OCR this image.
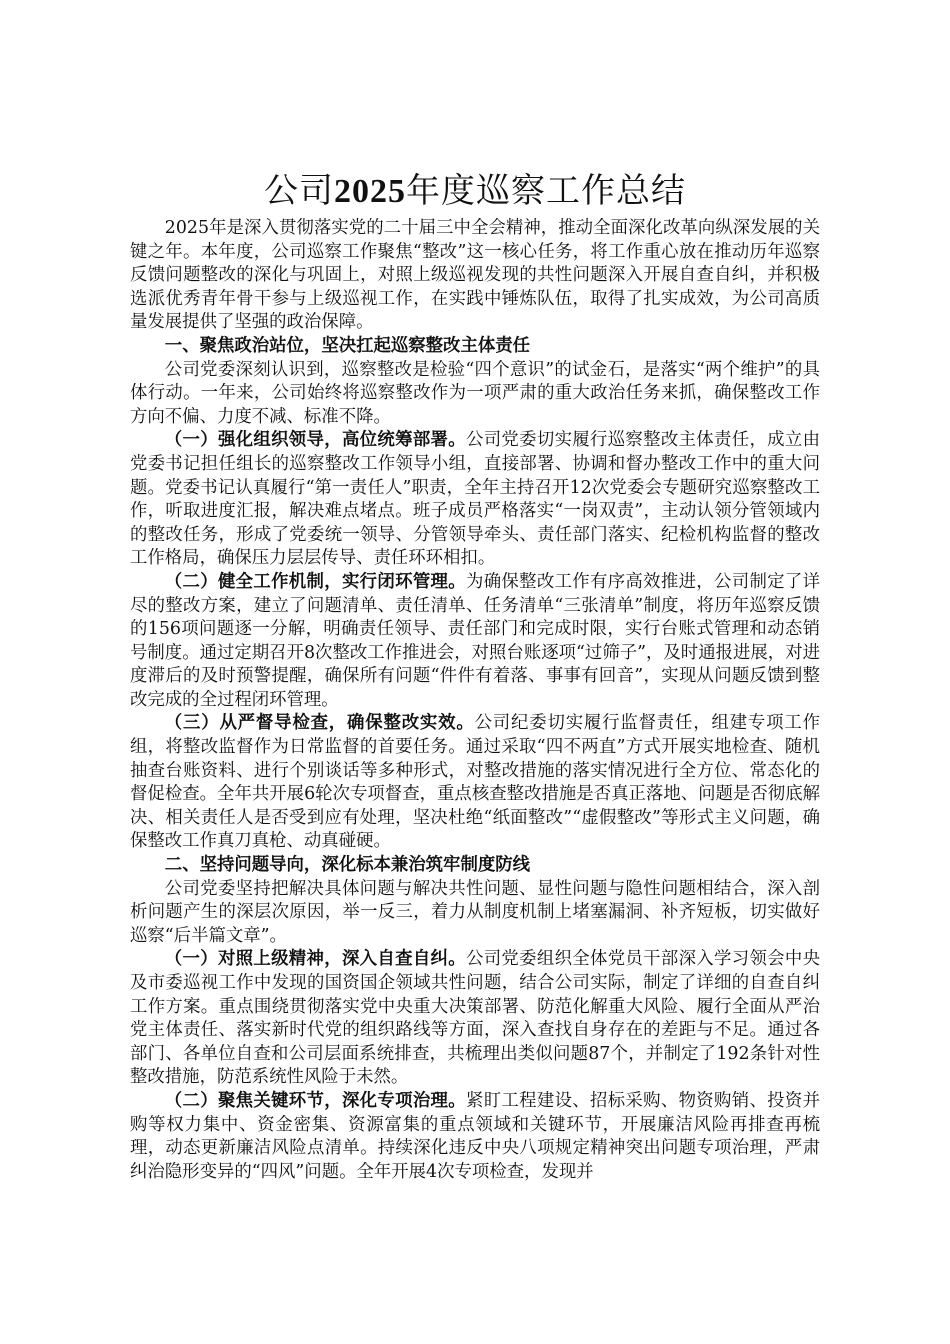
公司2025年度巡察工作总结

2025年是深入贯彻落实党的二十届三中全会精神，推动全面深化改革向纵深发展的关键之年。本年度，公司巡察工作聚焦“整改”这一核心任务，将工作重心放在推动历年巡察反馈问题整改的深化与巩固上，对照上级巡视发现的共性问题深入开展自查自纠，并积极选派优秀青年骨干参与上级巡视工作，在实践中锤炼队伍，取得了扎实成效，为公司高质量发展提供了坚强的政治保障。

一、聚焦政治站位，坚决扛起巡察整改主体责任

公司党委深刻认识到，巡察整改是检验“四个意识”的试金石，是落实“两个维护”的具体行动。一年来，公司始终将巡察整改作为一项严肃的重大政治任务来抓，确保整改工作方向不偏、力度不减、标准不降。

（一）强化组织领导，高位统筹部署。公司党委切实履行巡察整改主体责任，成立由党委书记担任组长的巡察整改工作领导小组，直接部署、协调和督办整改工作中的重大问题。党委书记认真履行“第一责任人”职责，全年主持召开12次党委会专题研究巡察整改工作，听取进度汇报，解决难点堵点。班子成员严格落实“一岗双责”，主动认领分管领域内的整改任务，形成了党委统一领导、分管领导牵头、责任部门落实、纪检机构监督的整改工作格局，确保压力层层传导、责任环环相扣。

（二）健全工作机制，实行闭环管理。为确保整改工作有序高效推进，公司制定了详尽的整改方案，建立了问题清单、责任清单、任务清单“三张清单”制度，将历年巡察反馈的156项问题逐一分解，明确责任领导、责任部门和完成时限，实行台账式管理和动态销号制度。通过定期召开8次整改工作推进会，对照台账逐项“过筛子”，及时通报进展，对进度滞后的及时预警提醒，确保所有问题“件件有着落、事事有回音”，实现从问题反馈到整改完成的全过程闭环管理。

（三）从严督导检查，确保整改实效。公司纪委切实履行监督责任，组建专项工作组，将整改监督作为日常监督的首要任务。通过采取“四不两直”方式开展实地检查、随机抽查台账资料、进行个别谈话等多种形式，对整改措施的落实情况进行全方位、常态化的督促检查。全年共开展6轮次专项督查，重点核查整改措施是否真正落地、问题是否彻底解决、相关责任人是否受到应有处理，坚决杜绝“纸面整改”“虚假整改”等形式主义问题，确保整改工作真刀真枪、动真碰硬。

二、坚持问题导向，深化标本兼治筑牢制度防线

公司党委坚持把解决具体问题与解决共性问题、显性问题与隐性问题相结合，深入剖析问题产生的深层次原因，举一反三，着力从制度机制上堵塞漏洞、补齐短板，切实做好巡察“后半篇文章”。

（一）对照上级精神，深入自查自纠。公司党委组织全体党员干部深入学习领会中央及市委巡视工作中发现的国资国企领域共性问题，结合公司实际，制定了详细的自查自纠工作方案。重点围绕贯彻落实党中央重大决策部署、防范化解重大风险、履行全面从严治党主体责任、落实新时代党的组织路线等方面，深入查找自身存在的差距与不足。通过各部门、各单位自查和公司层面系统排查，共梳理出类似问题87个，并制定了192条针对性整改措施，防范系统性风险于未然。

（二）聚焦关键环节，深化专项治理。紧盯工程建设、招标采购、物资购销、投资并购等权力集中、资金密集、资源富集的重点领域和关键环节，开展廉洁风险再排查再梳理，动态更新廉洁风险点清单。持续深化违反中央八项规定精神突出问题专项治理，严肃纠治隐形变异的“四风”问题。全年开展4次专项检查，发现并
